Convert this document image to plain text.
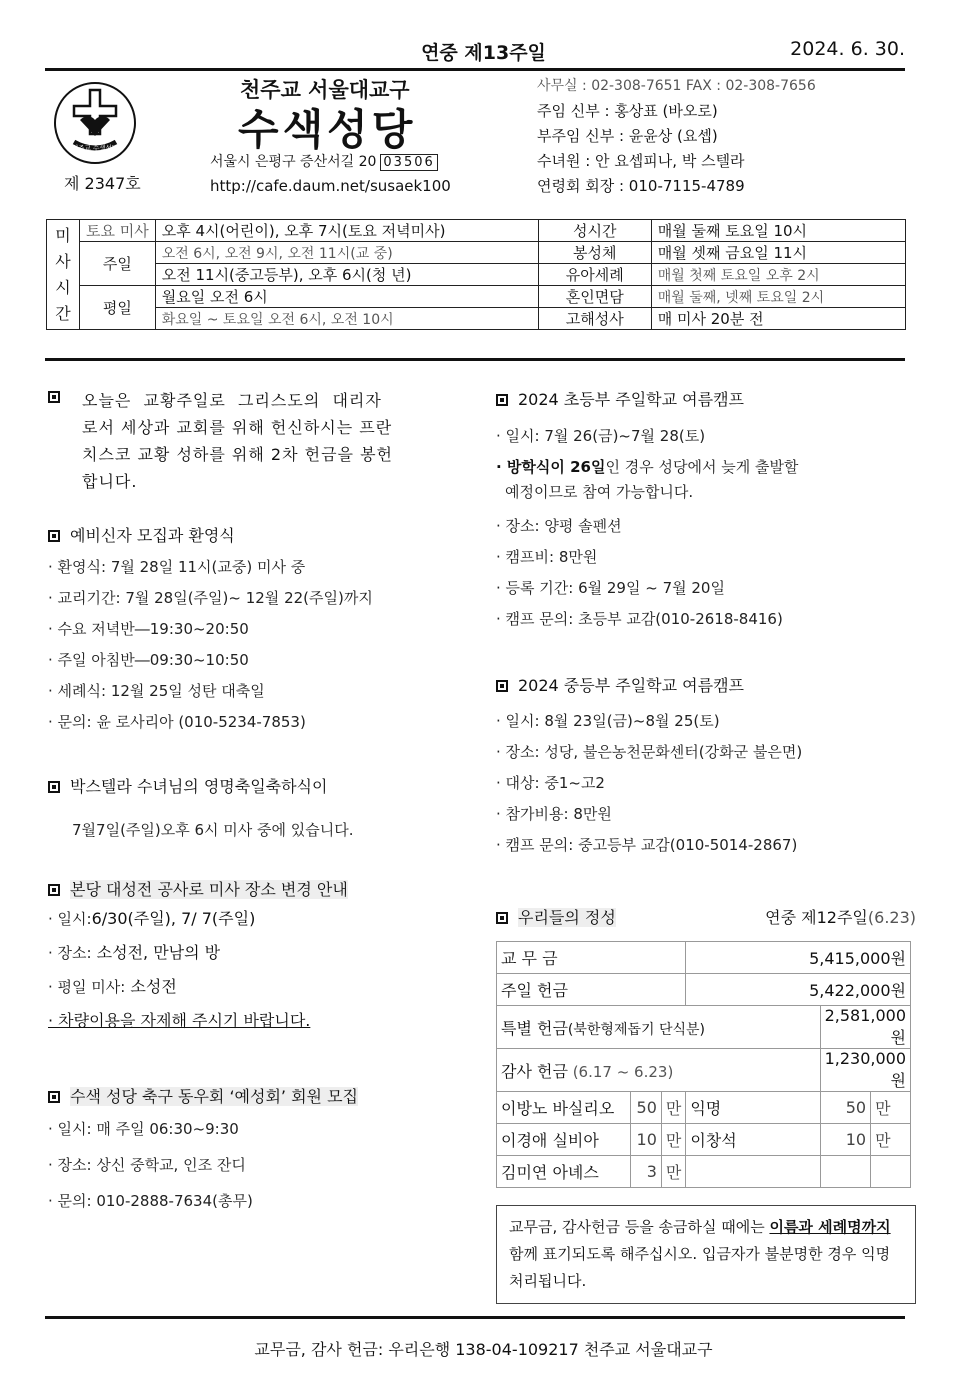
연중 제13주일	2024. 6. 30.
천주교 수색성당
제 2347호
천주교 서울대교구
수색성당
서울시 은평구 증산서길 20 03506
http://cafe.daum.net/susaek100
사무실 : 02-308-7651 FAX : 02-308-7656
주임 신부 : 홍상표 (바오로)
부주임 신부 : 윤윤상 (요셉)
수녀원 : 안 요셉피나, 박 스텔라
연령회 회장 : 010-7115-4789
미
사
시
간	토요 미사	오후 4시(어린이), 오후 7시(토요 저녁미사)	성시간	매월 둘째 토요일 10시
	주일	오전 6시, 오전 9시, 오전 11시(교 중)	봉성체	매월 셋째 금요일 11시
		오전 11시(중고등부), 오후 6시(청 년)	유아세례	매월 첫째 토요일 오후 2시
	평일	월요일 오전 6시	혼인면담	매월 둘째, 넷째 토요일 2시
		화요일 ~ 토요일 오전 6시, 오전 10시	고해성사	매 미사 20분 전
오늘은  교황주일로  그리스도의  대리자
로서 세상과 교회를 위해 헌신하시는 프란
치스코 교황 성하를 위해 2차 헌금을 봉헌
합니다.
예비신자 모집과 환영식
· 환영식: 7월 28일 11시(교중) 미사 중
· 교리기간: 7월 28일(주일)~ 12월 22(주일)까지
· 수요 저녁반―19:30~20:50
· 주일 아침반―09:30~10:50
· 세례식: 12월 25일 성탄 대축일
· 문의: 윤 로사리아 (010-5234-7853)
박스텔라 수녀님의 영명축일축하식이
7월7일(주일)오후 6시 미사 중에 있습니다.
본당 대성전 공사로 미사 장소 변경 안내
· 일시:6/30(주일), 7/ 7(주일)
· 장소: 소성전, 만남의 방
· 평일 미사: 소성전
· 차량이용을 자제해 주시기 바랍니다.
수색 성당 축구 동우회 ‘예성회’ 회원 모집
· 일시: 매 주일 06:30~9:30
· 장소: 상신 중학교, 인조 잔디
· 문의: 010-2888-7634(총무)
2024 초등부 주일학교 여름캠프
· 일시: 7월 26(금)~7월 28(토)
· 방학식이 26일인 경우 성당에서 늦게 출발할
예정이므로 참여 가능합니다.
· 장소: 양평 솔펜션
· 캠프비: 8만원
· 등록 기간: 6월 29일 ~ 7월 20일
· 캠프 문의: 초등부 교감(010-2618-8416)
2024 중등부 주일학교 여름캠프
· 일시: 8월 23일(금)~8월 25(토)
· 장소: 성당, 불은농천문화센터(강화군 불은면)
· 대상: 중1~고2
· 참가비용: 8만원
· 캠프 문의: 중고등부 교감(010-5014-2867)
우리들의 정성	연중 제12주일(6.23)
교 무 금			5,415,000원		
주일 헌금			5,422,000원		
특별 헌금(북한형제돕기 단식분)				2,581,000원	
감사 헌금 (6.17 ~ 6.23)				1,230,000원	
이방노 바실리오	50	만	익명	50	만
이경애 실비아	10	만	이창석	10	만
김미연 아녜스	3	만			
교무금, 감사헌금 등을 송금하실 때에는 이름과 세례명까지 함께 표기되도록 해주십시오. 입금자가 불분명한 경우 익명 처리됩니다.
교무금, 감사 헌금: 우리은행 138-04-109217 천주교 서울대교구
